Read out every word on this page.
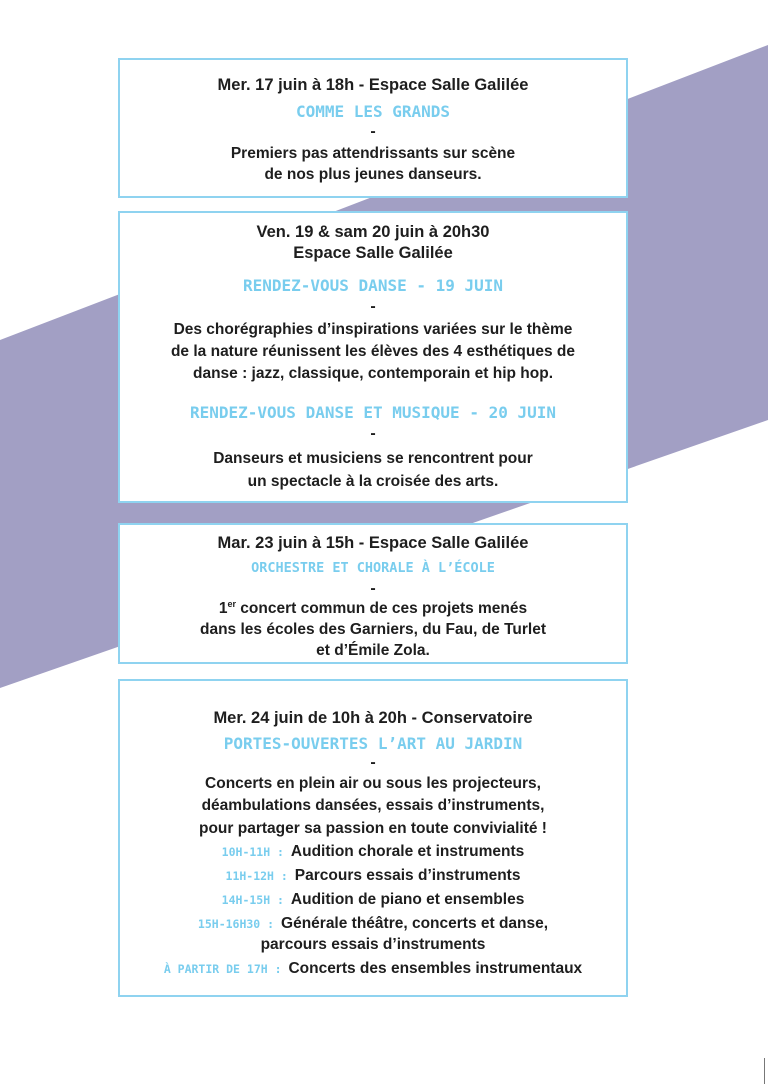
Mer. 17 juin à 18h - Espace Salle Galilée
COMME LES GRANDS
-
Premiers pas attendrissants sur scène
de nos plus jeunes danseurs.
Ven. 19 & sam 20 juin à 20h30
Espace Salle Galilée
RENDEZ-VOUS DANSE - 19 JUIN
-
Des chorégraphies d’inspirations variées sur le thème
de la nature réunissent les élèves des 4 esthétiques de
danse : jazz, classique, contemporain et hip hop.
RENDEZ-VOUS DANSE ET MUSIQUE - 20 JUIN
-
Danseurs et musiciens se rencontrent pour
un spectacle à la croisée des arts.
Mar. 23 juin à 15h - Espace Salle Galilée
ORCHESTRE ET CHORALE À L’ÉCOLE
-
1er concert commun de ces projets menés
dans les écoles des Garniers, du Fau, de Turlet
et d’Émile Zola.
Mer. 24 juin de 10h à 20h - Conservatoire
PORTES-OUVERTES L’ART AU JARDIN
-
Concerts en plein air ou sous les projecteurs,
déambulations dansées, essais d’instruments,
pour partager sa passion en toute convivialité !
10H-11H : Audition chorale et instruments
11H-12H : Parcours essais d’instruments
14H-15H : Audition de piano et ensembles
15H-16H30 : Générale théâtre, concerts et danse,
parcours essais d’instruments
À PARTIR DE 17H : Concerts des ensembles instrumentaux
